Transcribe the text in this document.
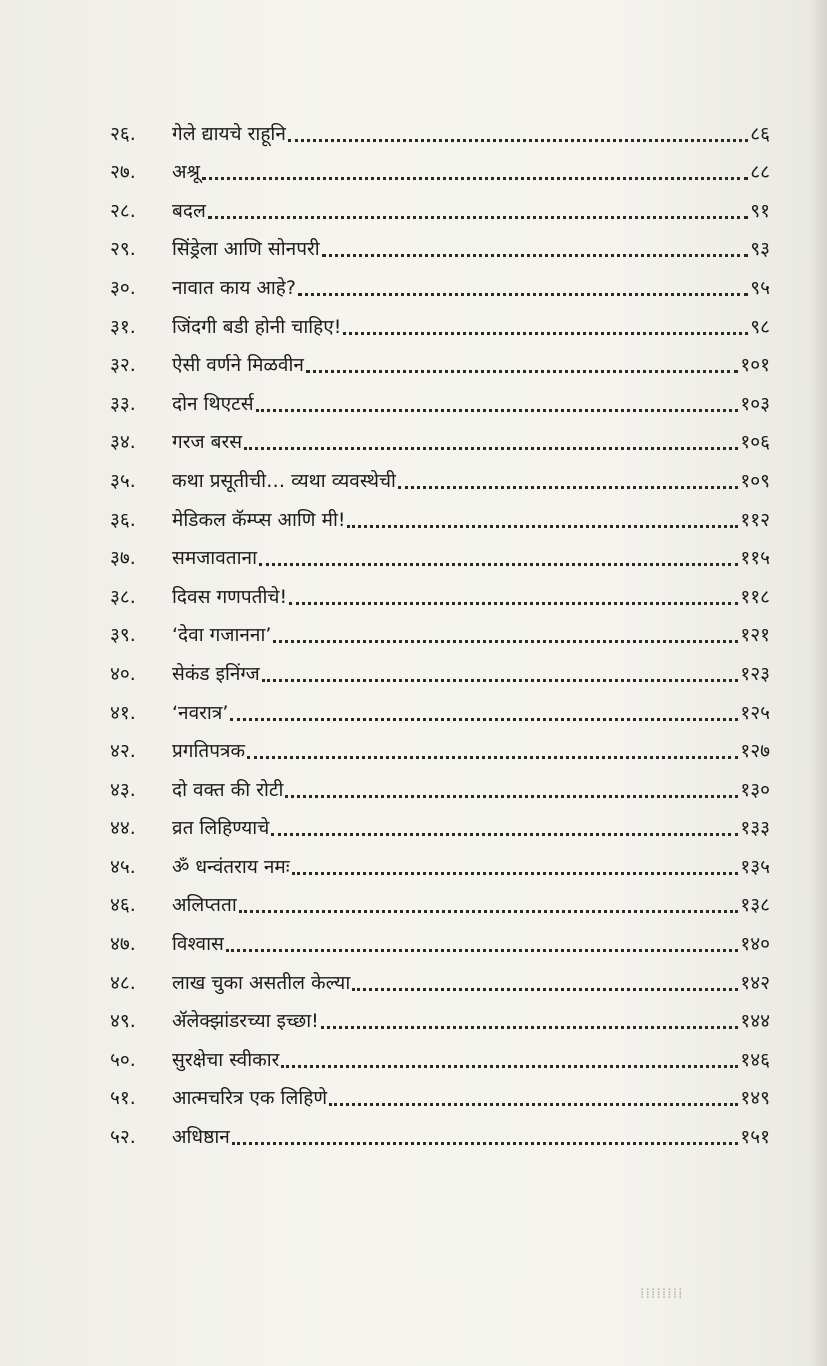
२६.	गेले द्यायचे राहूनि	८६
२७.	अश्रू	८८
२८.	बदल	९१
२९.	सिंड्रेला आणि सोनपरी	९३
३०.	नावात काय आहे?	९५
३१.	जिंदगी बडी होनी चाहिए!	९८
३२.	ऐसी वर्णने मिळवीन	१०१
३३.	दोन थिएटर्स	१०३
३४.	गरज बरस	१०६
३५.	कथा प्रसूतीची… व्यथा व्यवस्थेची	१०९
३६.	मेडिकल कॅम्प्स आणि मी!	११२
३७.	समजावताना	११५
३८.	दिवस गणपतीचे!	११८
३९.	‘देवा गजानना’	१२१
४०.	सेकंड इनिंग्ज	१२३
४१.	‘नवरात्र’	१२५
४२.	प्रगतिपत्रक	१२७
४३.	दो वक्त की रोटी	१३०
४४.	व्रत लिहिण्याचे	१३३
४५.	ॐ धन्वंतराय नमः	१३५
४६.	अलिप्तता	१३८
४७.	विश्वास	१४०
४८.	लाख चुका असतील केल्या	१४२
४९.	ॲलेक्झांडरच्या इच्छा!	१४४
५०.	सुरक्षेचा स्वीकार	१४६
५१.	आत्मचरित्र एक लिहिणे	१४९
५२.	अधिष्ठान	१५१
⁞⁞⁞⁞⁞⁞⁞⁞
